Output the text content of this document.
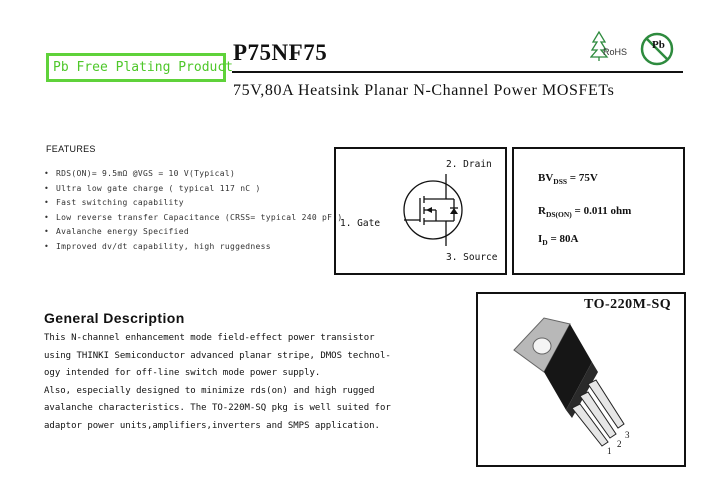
Pb Free Plating Product
P75NF75
75V,80A Heatsink Planar N-Channel Power MOSFETs
RoHS
Pb
FEATURES
• RDS(ON)= 9.5mΩ @VGS = 10 V(Typical)
• Ultra low gate charge ( typical 117 nC )
• Fast switching capability
• Low reverse transfer Capacitance (CRSS= typical 240 pF )
• Avalanche energy Specified
• Improved dv/dt capability, high ruggedness
2. Drain
1. Gate
3. Source
$BV_{DSS} = 75V$
$R_{DS(ON)} = 0.011$ ohm
$I_D = 80A$
General Description
This N-channel enhancement mode field-effect power transistor
using THINKI Semiconductor advanced planar stripe, DMOS technol-
ogy intended for off-line switch mode power supply.
Also, especially designed to minimize rds(on) and high rugged
avalanche characteristics. The TO-220M-SQ pkg is well suited for
adaptor power units,amplifiers,inverters and SMPS application.
TO-220M-SQ
1
2
3
